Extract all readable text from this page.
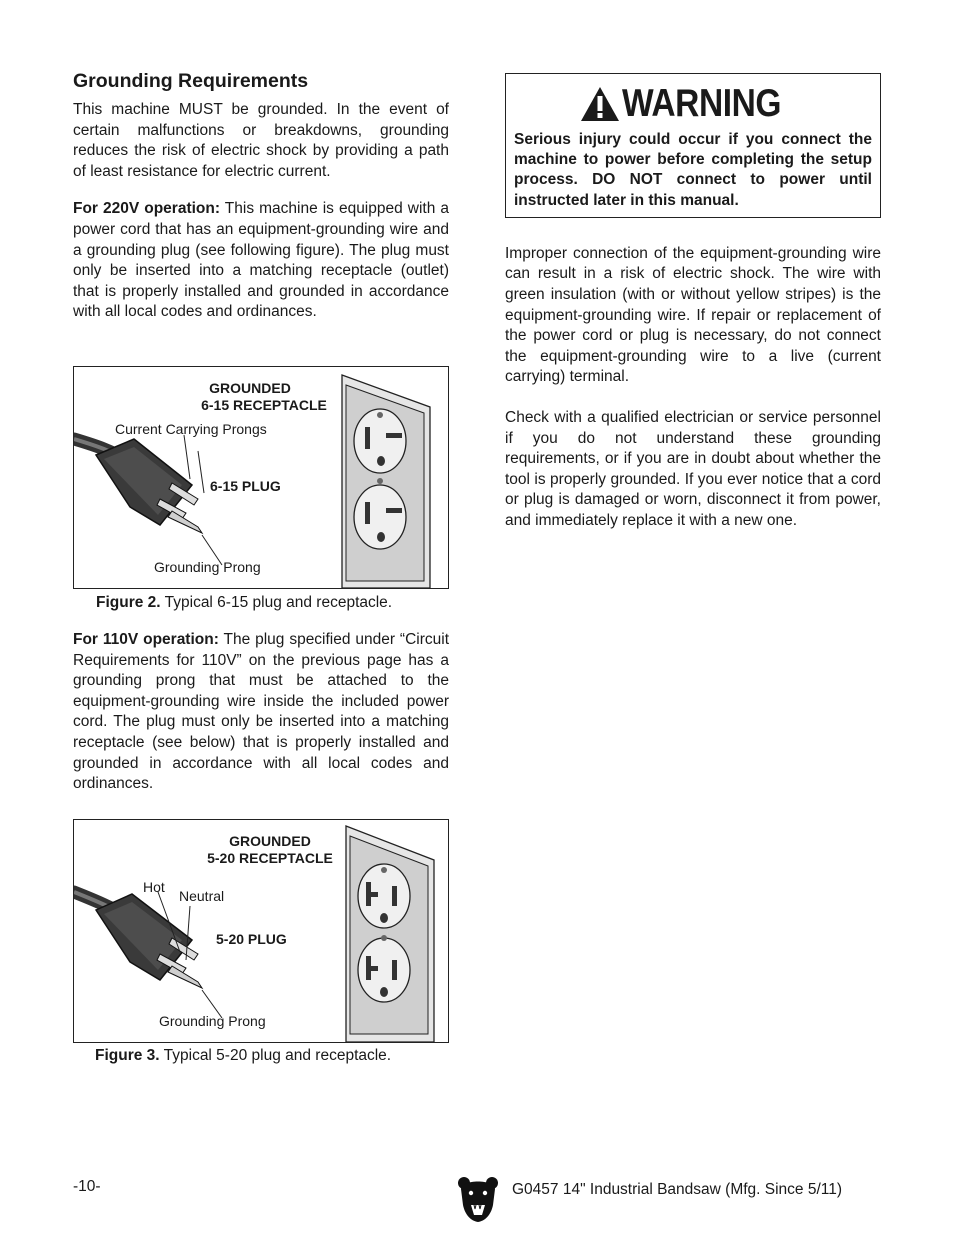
Grounding Requirements

This machine MUST be grounded. In the event of certain malfunctions or breakdowns, grounding reduces the risk of electric shock by providing a path of least resistance for electric current.

For 220V operation: This machine is equipped with a power cord that has an equipment-grounding wire and a grounding plug (see following figure). The plug must only be inserted into a matching receptacle (outlet) that is properly installed and grounded in accordance with all local codes and ordinances.

GROUNDED
6-15 RECEPTACLE
Current Carrying Prongs
6-15 PLUG
Grounding Prong
Figure 2. Typical 6-15 plug and receptacle.

For 110V operation: The plug specified under “Circuit Requirements for 110V” on the previous page has a grounding prong that must be attached to the equipment-grounding wire inside the included power cord. The plug must only be inserted into a matching receptacle (see below) that is properly installed and grounded in accordance with all local codes and ordinances.

GROUNDED
5-20 RECEPTACLE
Hot
Neutral
5-20 PLUG
Grounding Prong
Figure 3. Typical 5-20 plug and receptacle.
WARNING

Serious injury could occur if you connect the machine to power before completing the setup process. DO NOT connect to power until instructed later in this manual.

Improper connection of the equipment-grounding wire can result in a risk of electric shock. The wire with green insulation (with or without yellow stripes) is the equipment-grounding wire. If repair or replacement of the power cord or plug is necessary, do not connect the equipment-grounding wire to a live (current carrying) terminal.

Check with a qualified electrician or service personnel if you do not understand these grounding requirements, or if you are in doubt about whether the tool is properly grounded. If you ever notice that a cord or plug is damaged or worn, disconnect it from power, and immediately replace it with a new one.

-10-	G0457 14" Industrial Bandsaw (Mfg. Since 5/11)
